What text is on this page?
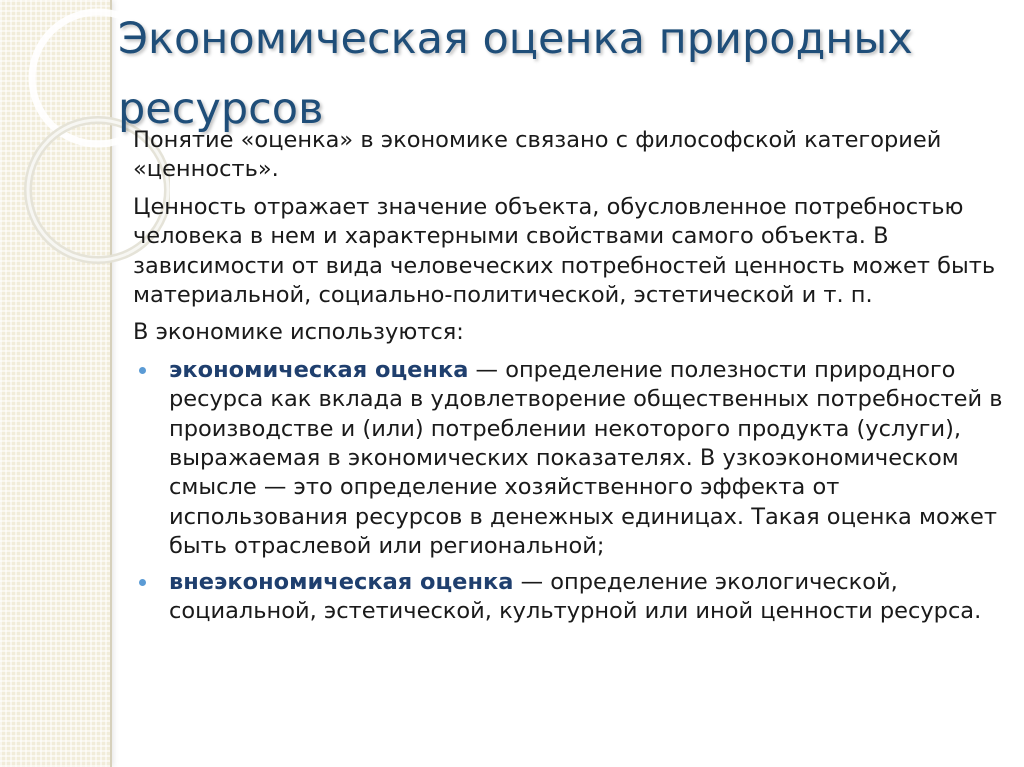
Экономическая оценка природных ресурсов

Понятие «оценка» в экономике связано с философской категорией «ценность».

Ценность отражает значение объекта, обусловленное потребностью человека в нем и характерными свойствами самого объекта. В зависимости от вида человеческих потребностей ценность может быть материальной, социально-политической, эстетической и т. п.

В экономике используются:

экономическая оценка — определение полезности природного ресурса как вклада в удовлетворение общественных потребностей в производстве и (или) потреблении некоторого продукта (услуги), выражаемая в экономических показателях. В узкоэкономическом смысле — это определение хозяйственного эффекта от использования ресурсов в денежных единицах. Такая оценка может быть отраслевой или региональной;
внеэкономическая оценка — определение экологической, социальной, эстетической, культурной или иной ценности ресурса.
